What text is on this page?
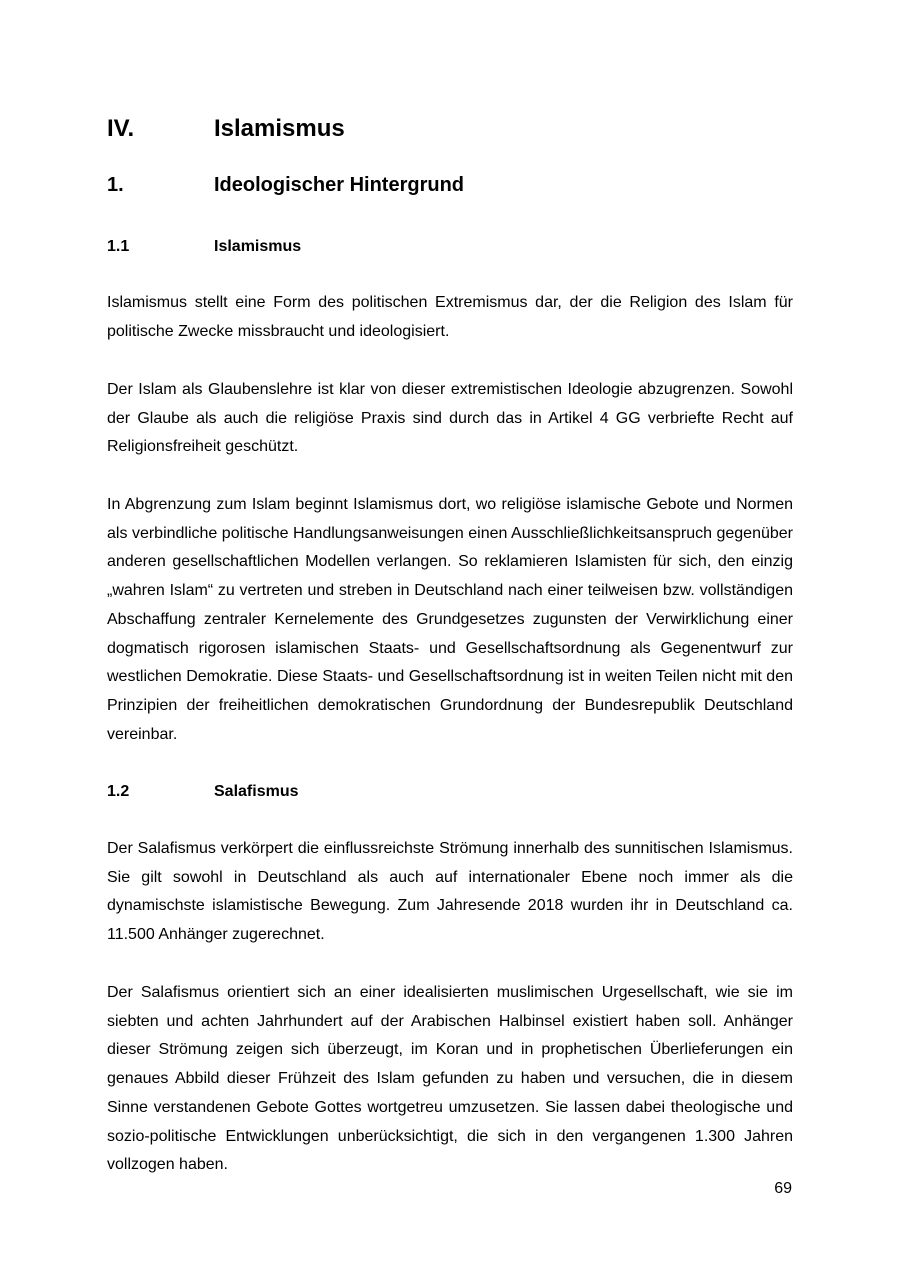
IV.	Islamismus
1.	Ideologischer Hintergrund
1.1	Islamismus

Islamismus stellt eine Form des politischen Extremismus dar, der die Religion des Islam für politische Zwecke missbraucht und ideologisiert.

Der Islam als Glaubenslehre ist klar von dieser extremistischen Ideologie abzugrenzen. Sowohl der Glaube als auch die religiöse Praxis sind durch das in Artikel 4 GG verbriefte Recht auf Religionsfreiheit geschützt.

In Abgrenzung zum Islam beginnt Islamismus dort, wo religiöse islamische Gebote und Normen als verbindliche politische Handlungsanweisungen einen Ausschließlichkeitsanspruch gegenüber anderen gesellschaftlichen Modellen verlangen. So reklamieren Islamisten für sich, den einzig „wahren Islam“ zu vertreten und streben in Deutschland nach einer teilweisen bzw. vollständigen Abschaffung zentraler Kernelemente des Grundgesetzes zugunsten der Verwirklichung einer dogmatisch rigorosen islamischen Staats- und Gesellschaftsordnung als Gegenentwurf zur westlichen Demokratie. Diese Staats- und Gesellschaftsordnung ist in weiten Teilen nicht mit den Prinzipien der freiheitlichen demokratischen Grundordnung der Bundesrepublik Deutschland vereinbar.

1.2	Salafismus

Der Salafismus verkörpert die einflussreichste Strömung innerhalb des sunnitischen Islamismus. Sie gilt sowohl in Deutschland als auch auf internationaler Ebene noch immer als die dynamischste islamistische Bewegung. Zum Jahresende 2018 wurden ihr in Deutschland ca. 11.500 Anhänger zugerechnet.

Der Salafismus orientiert sich an einer idealisierten muslimischen Urgesellschaft, wie sie im siebten und achten Jahrhundert auf der Arabischen Halbinsel existiert haben soll. Anhänger dieser Strömung zeigen sich überzeugt, im Koran und in prophetischen Überlieferungen ein genaues Abbild dieser Frühzeit des Islam gefunden zu haben und versuchen, die in diesem Sinne verstandenen Gebote Gottes wortgetreu umzusetzen. Sie lassen dabei theologische und sozio-politische Entwicklungen unberücksichtigt, die sich in den vergangenen 1.300 Jahren vollzogen haben.

69
